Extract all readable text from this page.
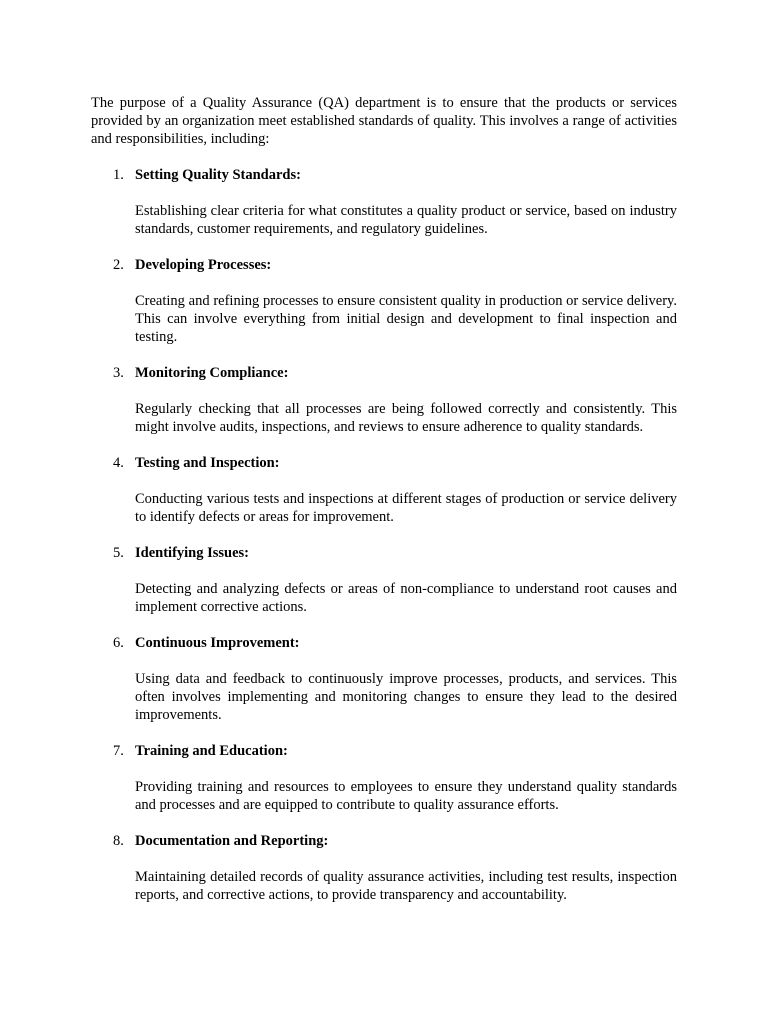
The purpose of a Quality Assurance (QA) department is to ensure that the products or services provided by an organization meet established standards of quality. This involves a range of activities and responsibilities, including:

1. Setting Quality Standards:

Establishing clear criteria for what constitutes a quality product or service, based on industry standards, customer requirements, and regulatory guidelines.

2. Developing Processes:

Creating and refining processes to ensure consistent quality in production or service delivery. This can involve everything from initial design and development to final inspection and testing.

3. Monitoring Compliance:

Regularly checking that all processes are being followed correctly and consistently. This might involve audits, inspections, and reviews to ensure adherence to quality standards.

4. Testing and Inspection:

Conducting various tests and inspections at different stages of production or service delivery to identify defects or areas for improvement.

5. Identifying Issues:

Detecting and analyzing defects or areas of non-compliance to understand root causes and implement corrective actions.

6. Continuous Improvement:

Using data and feedback to continuously improve processes, products, and services. This often involves implementing and monitoring changes to ensure they lead to the desired improvements.

7. Training and Education:

Providing training and resources to employees to ensure they understand quality standards and processes and are equipped to contribute to quality assurance efforts.

8. Documentation and Reporting:

Maintaining detailed records of quality assurance activities, including test results, inspection reports, and corrective actions, to provide transparency and accountability.
